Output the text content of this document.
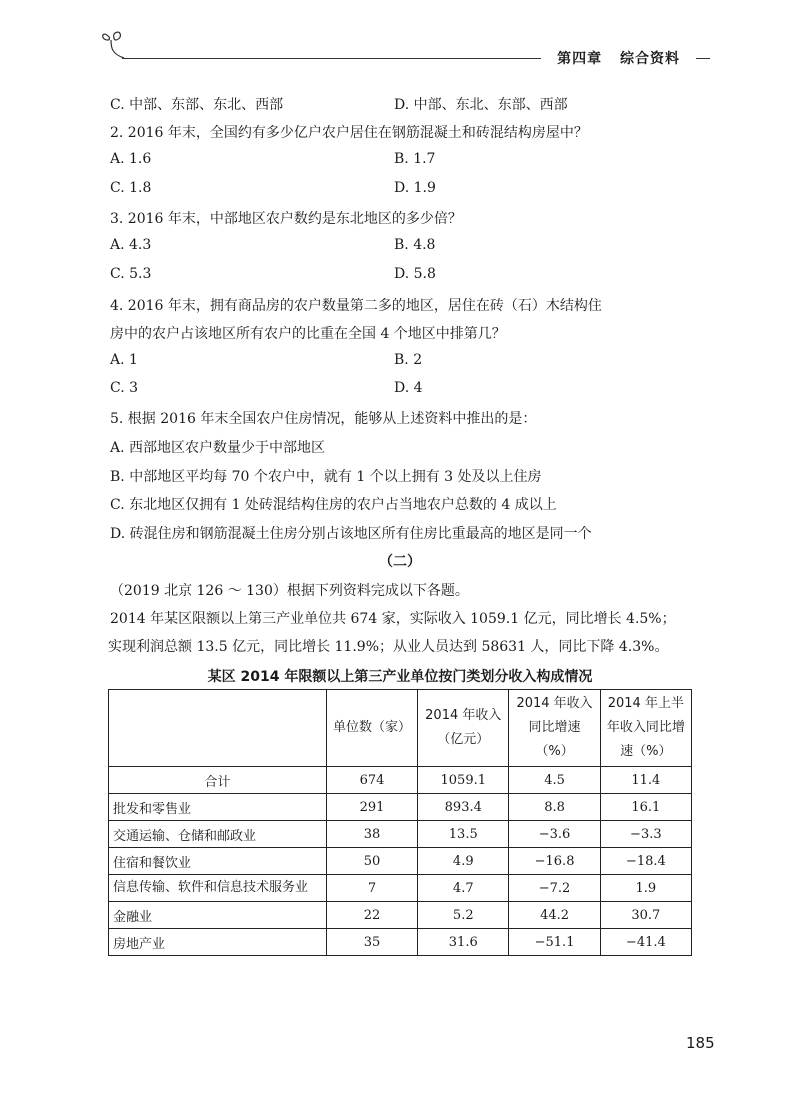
第四章 综合资料
C. 中部、东部、东北、西部	D. 中部、东北、东部、西部
2. 2016 年末，全国约有多少亿户农户居住在钢筋混凝土和砖混结构房屋中？
A. 1.6	B. 1.7
C. 1.8	D. 1.9
3. 2016 年末，中部地区农户数约是东北地区的多少倍？
A. 4.3	B. 4.8
C. 5.3	D. 5.8
4. 2016 年末，拥有商品房的农户数量第二多的地区，居住在砖（石）木结构住
房中的农户占该地区所有农户的比重在全国 4 个地区中排第几？
A. 1	B. 2
C. 3	D. 4
5. 根据 2016 年末全国农户住房情况，能够从上述资料中推出的是：
A. 西部地区农户数量少于中部地区
B. 中部地区平均每 70 个农户中，就有 1 个以上拥有 3 处及以上住房
C. 东北地区仅拥有 1 处砖混结构住房的农户占当地农户总数的 4 成以上
D. 砖混住房和钢筋混凝土住房分别占该地区所有住房比重最高的地区是同一个
（二）
（2019 北京 126 ～ 130）根据下列资料完成以下各题。
2014 年某区限额以上第三产业单位共 674 家，实际收入 1059.1 亿元，同比增长 4.5%；
实现利润总额 13.5 亿元，同比增长 11.9%；从业人员达到 58631 人，同比下降 4.3%。
某区 2014 年限额以上第三产业单位按门类划分收入构成情况
	单位数（家）	2014 年收入（亿元）	2014 年收入同比增速（%）	2014 年上半年收入同比增速（%）
合计	674	1059.1	4.5	11.4
批发和零售业	291	893.4	8.8	16.1
交通运输、仓储和邮政业	38	13.5	−3.6	−3.3
住宿和餐饮业	50	4.9	−16.8	−18.4
信息传输、软件和信息技术服务业	7	4.7	−7.2	1.9
金融业	22	5.2	44.2	30.7
房地产业	35	31.6	−51.1	−41.4
185
